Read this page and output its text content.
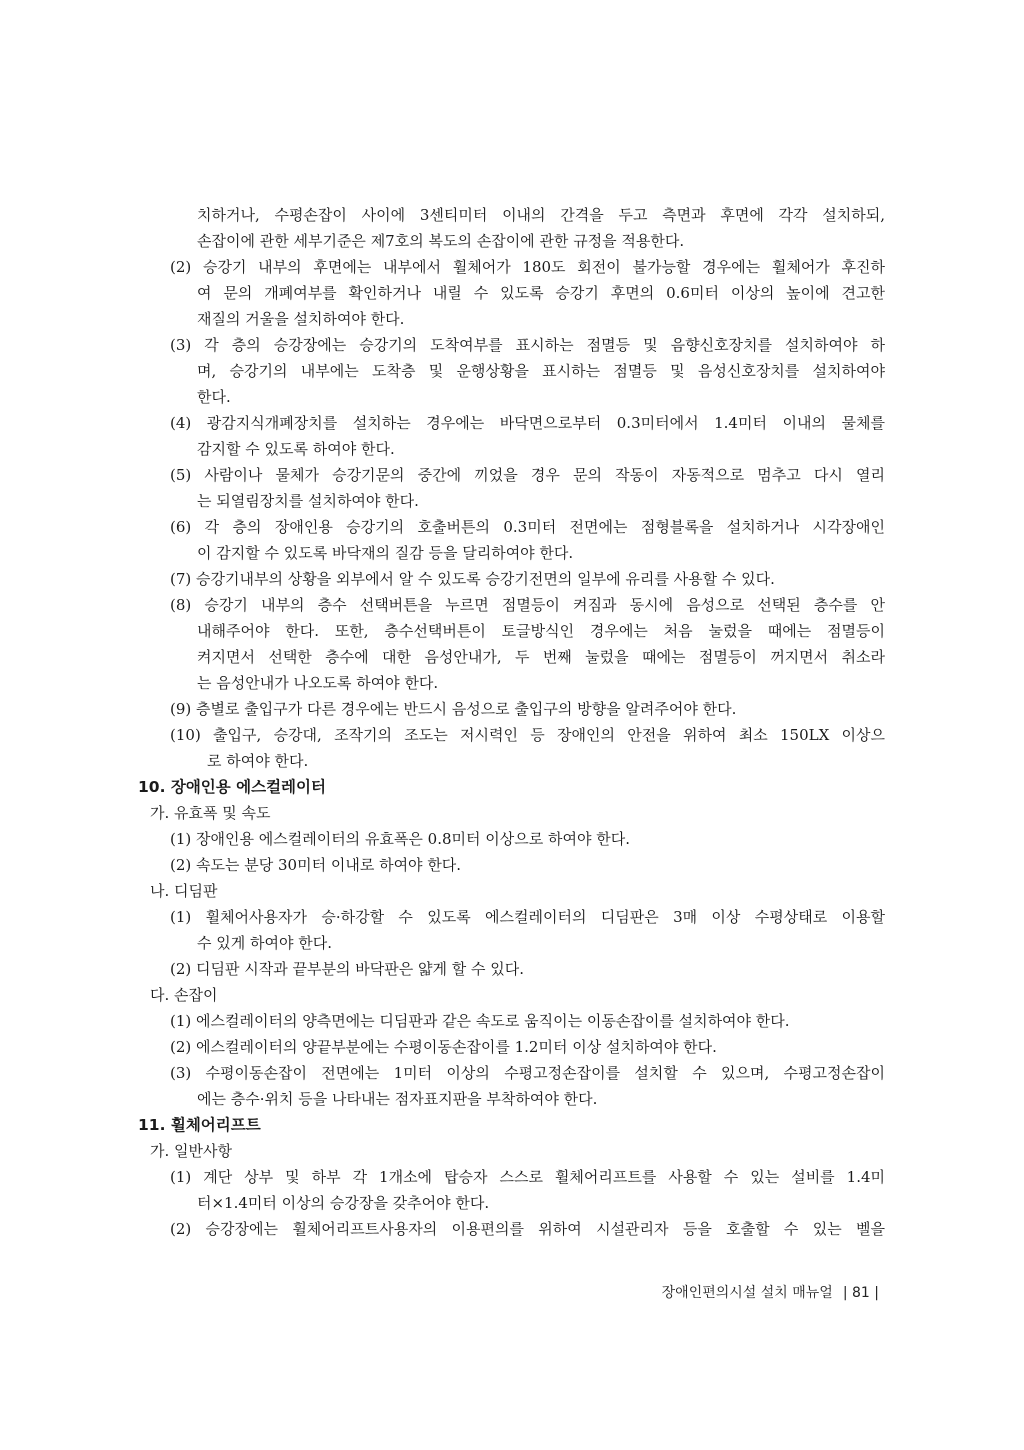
치하거나, 수평손잡이 사이에 3센티미터 이내의 간격을 두고 측면과 후면에 각각 설치하되,

손잡이에 관한 세부기준은 제7호의 복도의 손잡이에 관한 규정을 적용한다.

(2) 승강기 내부의 후면에는 내부에서 휠체어가 180도 회전이 불가능할 경우에는 휠체어가 후진하

여 문의 개폐여부를 확인하거나 내릴 수 있도록 승강기 후면의 0.6미터 이상의 높이에 견고한

재질의 거울을 설치하여야 한다.

(3) 각 층의 승강장에는 승강기의 도착여부를 표시하는 점멸등 및 음향신호장치를 설치하여야 하

며, 승강기의 내부에는 도착층 및 운행상황을 표시하는 점멸등 및 음성신호장치를 설치하여야

한다.

(4) 광감지식개폐장치를 설치하는 경우에는 바닥면으로부터 0.3미터에서 1.4미터 이내의 물체를

감지할 수 있도록 하여야 한다.

(5) 사람이나 물체가 승강기문의 중간에 끼었을 경우 문의 작동이 자동적으로 멈추고 다시 열리

는 되열림장치를 설치하여야 한다.

(6) 각 층의 장애인용 승강기의 호출버튼의 0.3미터 전면에는 점형블록을 설치하거나 시각장애인

이 감지할 수 있도록 바닥재의 질감 등을 달리하여야 한다.

(7) 승강기내부의 상황을 외부에서 알 수 있도록 승강기전면의 일부에 유리를 사용할 수 있다.

(8) 승강기 내부의 층수 선택버튼을 누르면 점멸등이 켜짐과 동시에 음성으로 선택된 층수를 안

내해주어야 한다. 또한, 층수선택버튼이 토글방식인 경우에는 처음 눌렀을 때에는 점멸등이

켜지면서 선택한 층수에 대한 음성안내가, 두 번째 눌렀을 때에는 점멸등이 꺼지면서 취소라

는 음성안내가 나오도록 하여야 한다.

(9) 층별로 출입구가 다른 경우에는 반드시 음성으로 출입구의 방향을 알려주어야 한다.

(10) 출입구, 승강대, 조작기의 조도는 저시력인 등 장애인의 안전을 위하여 최소 150LX 이상으

로 하여야 한다.

10. 장애인용 에스컬레이터

가. 유효폭 및 속도

(1) 장애인용 에스컬레이터의 유효폭은 0.8미터 이상으로 하여야 한다.

(2) 속도는 분당 30미터 이내로 하여야 한다.

나. 디딤판

(1) 휠체어사용자가 승·하강할 수 있도록 에스컬레이터의 디딤판은 3매 이상 수평상태로 이용할

수 있게 하여야 한다.

(2) 디딤판 시작과 끝부분의 바닥판은 얇게 할 수 있다.

다. 손잡이

(1) 에스컬레이터의 양측면에는 디딤판과 같은 속도로 움직이는 이동손잡이를 설치하여야 한다.

(2) 에스컬레이터의 양끝부분에는 수평이동손잡이를 1.2미터 이상 설치하여야 한다.

(3) 수평이동손잡이 전면에는 1미터 이상의 수평고정손잡이를 설치할 수 있으며, 수평고정손잡이

에는 층수·위치 등을 나타내는 점자표지판을 부착하여야 한다.

11. 휠체어리프트

가. 일반사항

(1) 계단 상부 및 하부 각 1개소에 탑승자 스스로 휠체어리프트를 사용할 수 있는 설비를 1.4미

터×1.4미터 이상의 승강장을 갖추어야 한다.

(2) 승강장에는 휠체어리프트사용자의 이용편의를 위하여 시설관리자 등을 호출할 수 있는 벨을

장애인편의시설 설치 매뉴얼 | 81 |
